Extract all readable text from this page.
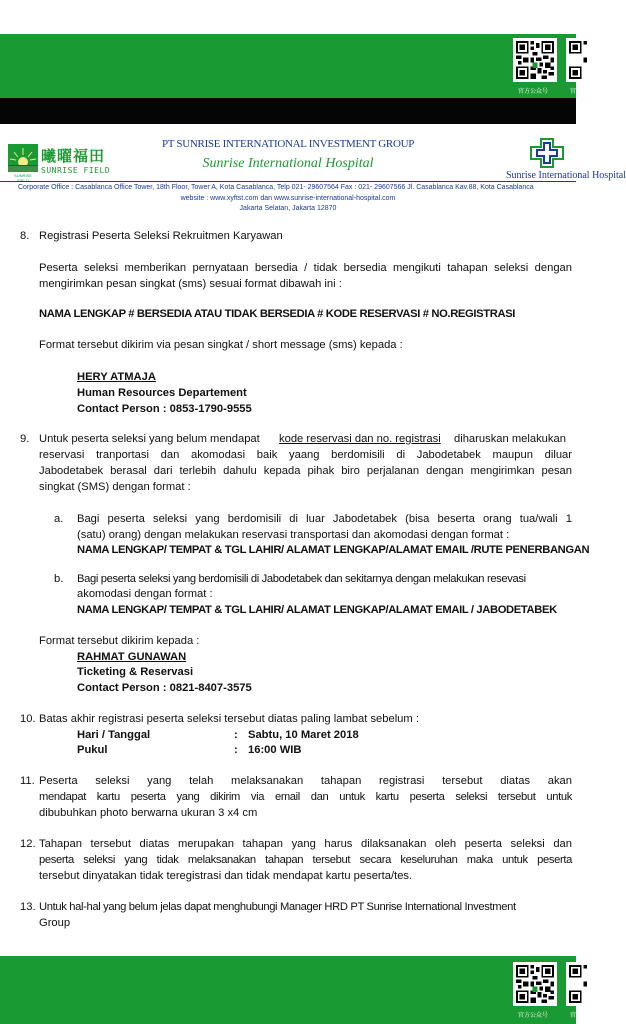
官方公众号	官方公众号
SUNRISE
曦曜福田
SUNRISE FIELD
PT SUNRISE INTERNATIONAL INVESTMENT GROUP
Sunrise International Hospital
Sunrise International Hospital
Corporate Office : Casablanca Office Tower, 18th Floor, Tower A, Kota Casablanca, Telp 021- 29607564 Fax : 021- 29607566 Jl. Casablanca Kav.88, Kota Casablanca
website : www.xyftst.com dan www.sunrise-international-hospital.com
Jakarta Selatan, Jakarta 12870
8. Registrasi Peserta Seleksi Rekruitmen Karyawan
Peserta seleksi memberikan pernyataan bersedia / tidak bersedia mengikuti tahapan seleksi dengan
mengirimkan pesan singkat (sms) sesuai format dibawah ini :
NAMA LENGKAP # BERSEDIA ATAU TIDAK BERSEDIA # KODE RESERVASI # NO.REGISTRASI
Format tersebut dikirim via pesan singkat / short message (sms) kepada :
HERY ATMAJA
Human Resources Departement
Contact Person : 0853-1790-9555
9. Untuk peserta seleksi yang belum mendapat kode reservasi dan no. registrasi diharuskan melakukan
reservasi tranportasi dan akomodasi baik yaang berdomisili di Jabodetabek maupun diluar
Jabodetabek berasal dari terlebih dahulu kepada pihak biro perjalanan dengan mengirimkan pesan
singkat (SMS) dengan format :
a. Bagi peserta seleksi yang berdomisili di luar Jabodetabek (bisa beserta orang tua/wali 1
(satu) orang) dengan melakukan reservasi transportasi dan akomodasi dengan format :
NAMA LENGKAP/ TEMPAT & TGL LAHIR/ ALAMAT LENGKAP/ALAMAT EMAIL /RUTE PENERBANGAN
b. Bagi peserta seleksi yang berdomisili di Jabodetabek dan sekitarnya dengan melakukan resevasi
akomodasi dengan format :
NAMA LENGKAP/ TEMPAT & TGL LAHIR/ ALAMAT LENGKAP/ALAMAT EMAIL / JABODETABEK
Format tersebut dikirim kepada :
RAHMAT GUNAWAN
Ticketing & Reservasi
Contact Person : 0821-8407-3575
10. Batas akhir registrasi peserta seleksi tersebut diatas paling lambat sebelum :
Hari / Tanggal	: Sabtu, 10 Maret 2018
Pukul	: 16:00 WIB
11. Peserta seleksi yang telah melaksanakan tahapan registrasi tersebut diatas akan
mendapat kartu peserta yang dikirim via email dan untuk kartu peserta seleksi tersebut untuk
dibubuhkan photo berwarna ukuran 3 x4 cm
12. Tahapan tersebut diatas merupakan tahapan yang harus dilaksanakan oleh peserta seleksi dan
peserta seleksi yang tidak melaksanakan tahapan tersebut secara keseluruhan maka untuk peserta
tersebut dinyatakan tidak teregistrasi dan tidak mendapat kartu peserta/tes.
13. Untuk hal-hal yang belum jelas dapat menghubungi Manager HRD PT Sunrise International Investment
Group
官方公众号	官方公众号
